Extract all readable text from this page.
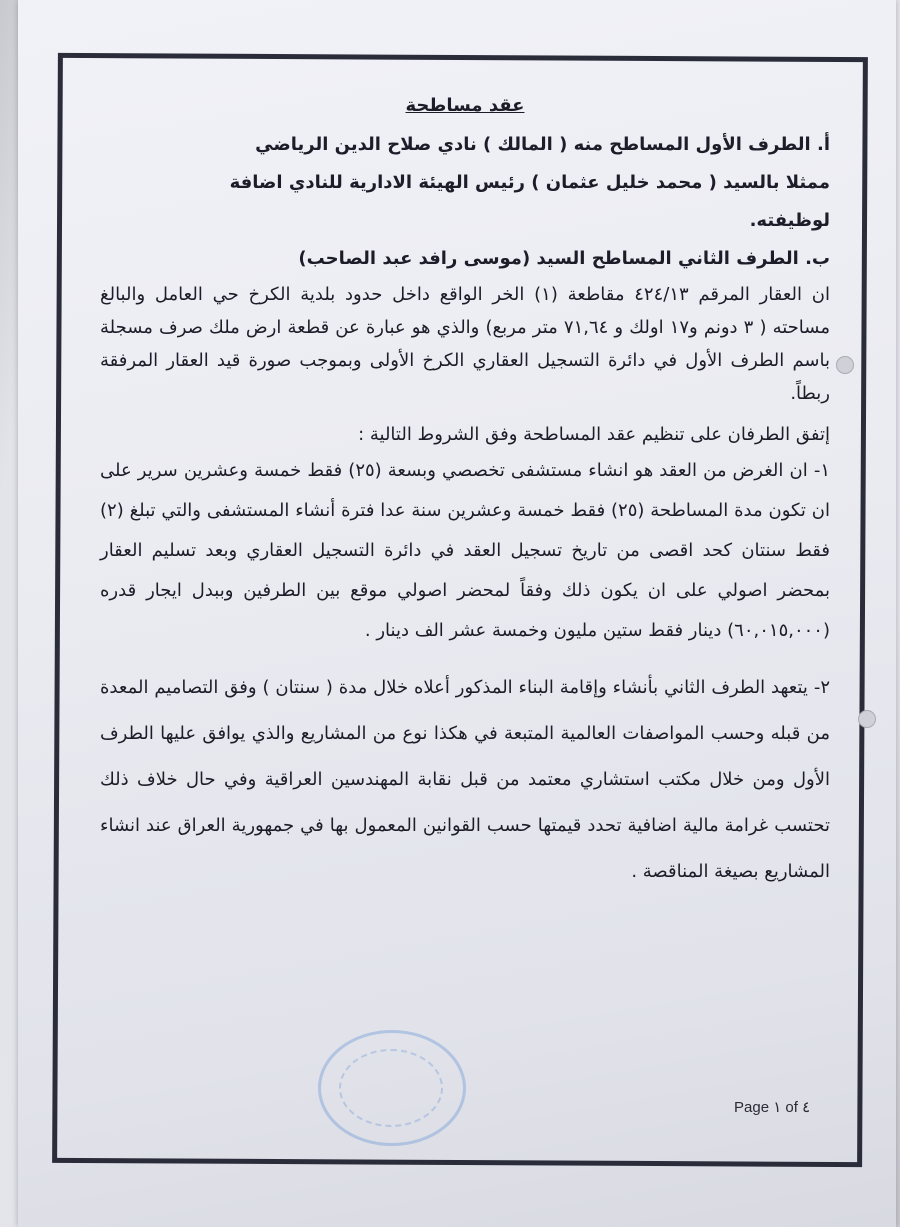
عقد مساطحة

أ. الطرف الأول المساطح منه ( المالك ) نادي صلاح الدين الرياضي

ممثلا بالسيد ( محمد خليل عثمان ) رئيس الهيئة الادارية للنادي اضافة

لوظيفته.

ب. الطرف الثاني المساطح السيد (موسى رافد عبد الصاحب)

ان العقار المرقم ٤٢٤/١٣ مقاطعة (١) الخر الواقع داخل حدود بلدية الكرخ حي العامل والبالغ مساحته ( ٣ دونم و١٧ اولك و ٧١,٦٤ متر مربع) والذي هو عبارة عن قطعة ارض ملك صرف مسجلة باسم الطرف الأول في دائرة التسجيل العقاري الكرخ الأولى وبموجب صورة قيد العقار المرفقة ربطاً.

إتفق الطرفان على تنظيم عقد المساطحة وفق الشروط التالية :

١- ان الغرض من العقد هو انشاء مستشفى تخصصي وبسعة (٢٥) فقط خمسة وعشرين سرير على ان تكون مدة المساطحة (٢٥) فقط خمسة وعشرين سنة عدا فترة أنشاء المستشفى والتي تبلغ (٢) فقط سنتان كحد اقصى من تاريخ تسجيل العقد في دائرة التسجيل العقاري وبعد تسليم العقار بمحضر اصولي على ان يكون ذلك وفقاً لمحضر اصولي موقع بين الطرفين وببدل ايجار قدره (٦٠,٠١٥,٠٠٠) دينار فقط ستين مليون وخمسة عشر الف دينار .

٢- يتعهد الطرف الثاني بأنشاء وإقامة البناء المذكور أعلاه خلال مدة ( سنتان ) وفق التصاميم المعدة من قبله وحسب المواصفات العالمية المتبعة في هكذا نوع من المشاريع والذي يوافق عليها الطرف الأول ومن خلال مكتب استشاري معتمد من قبل نقابة المهندسين العراقية وفي حال خلاف ذلك تحتسب غرامة مالية اضافية تحدد قيمتها حسب القوانين المعمول بها في جمهورية العراق عند انشاء المشاريع بصيغة المناقصة .

Page ١ of ٤
